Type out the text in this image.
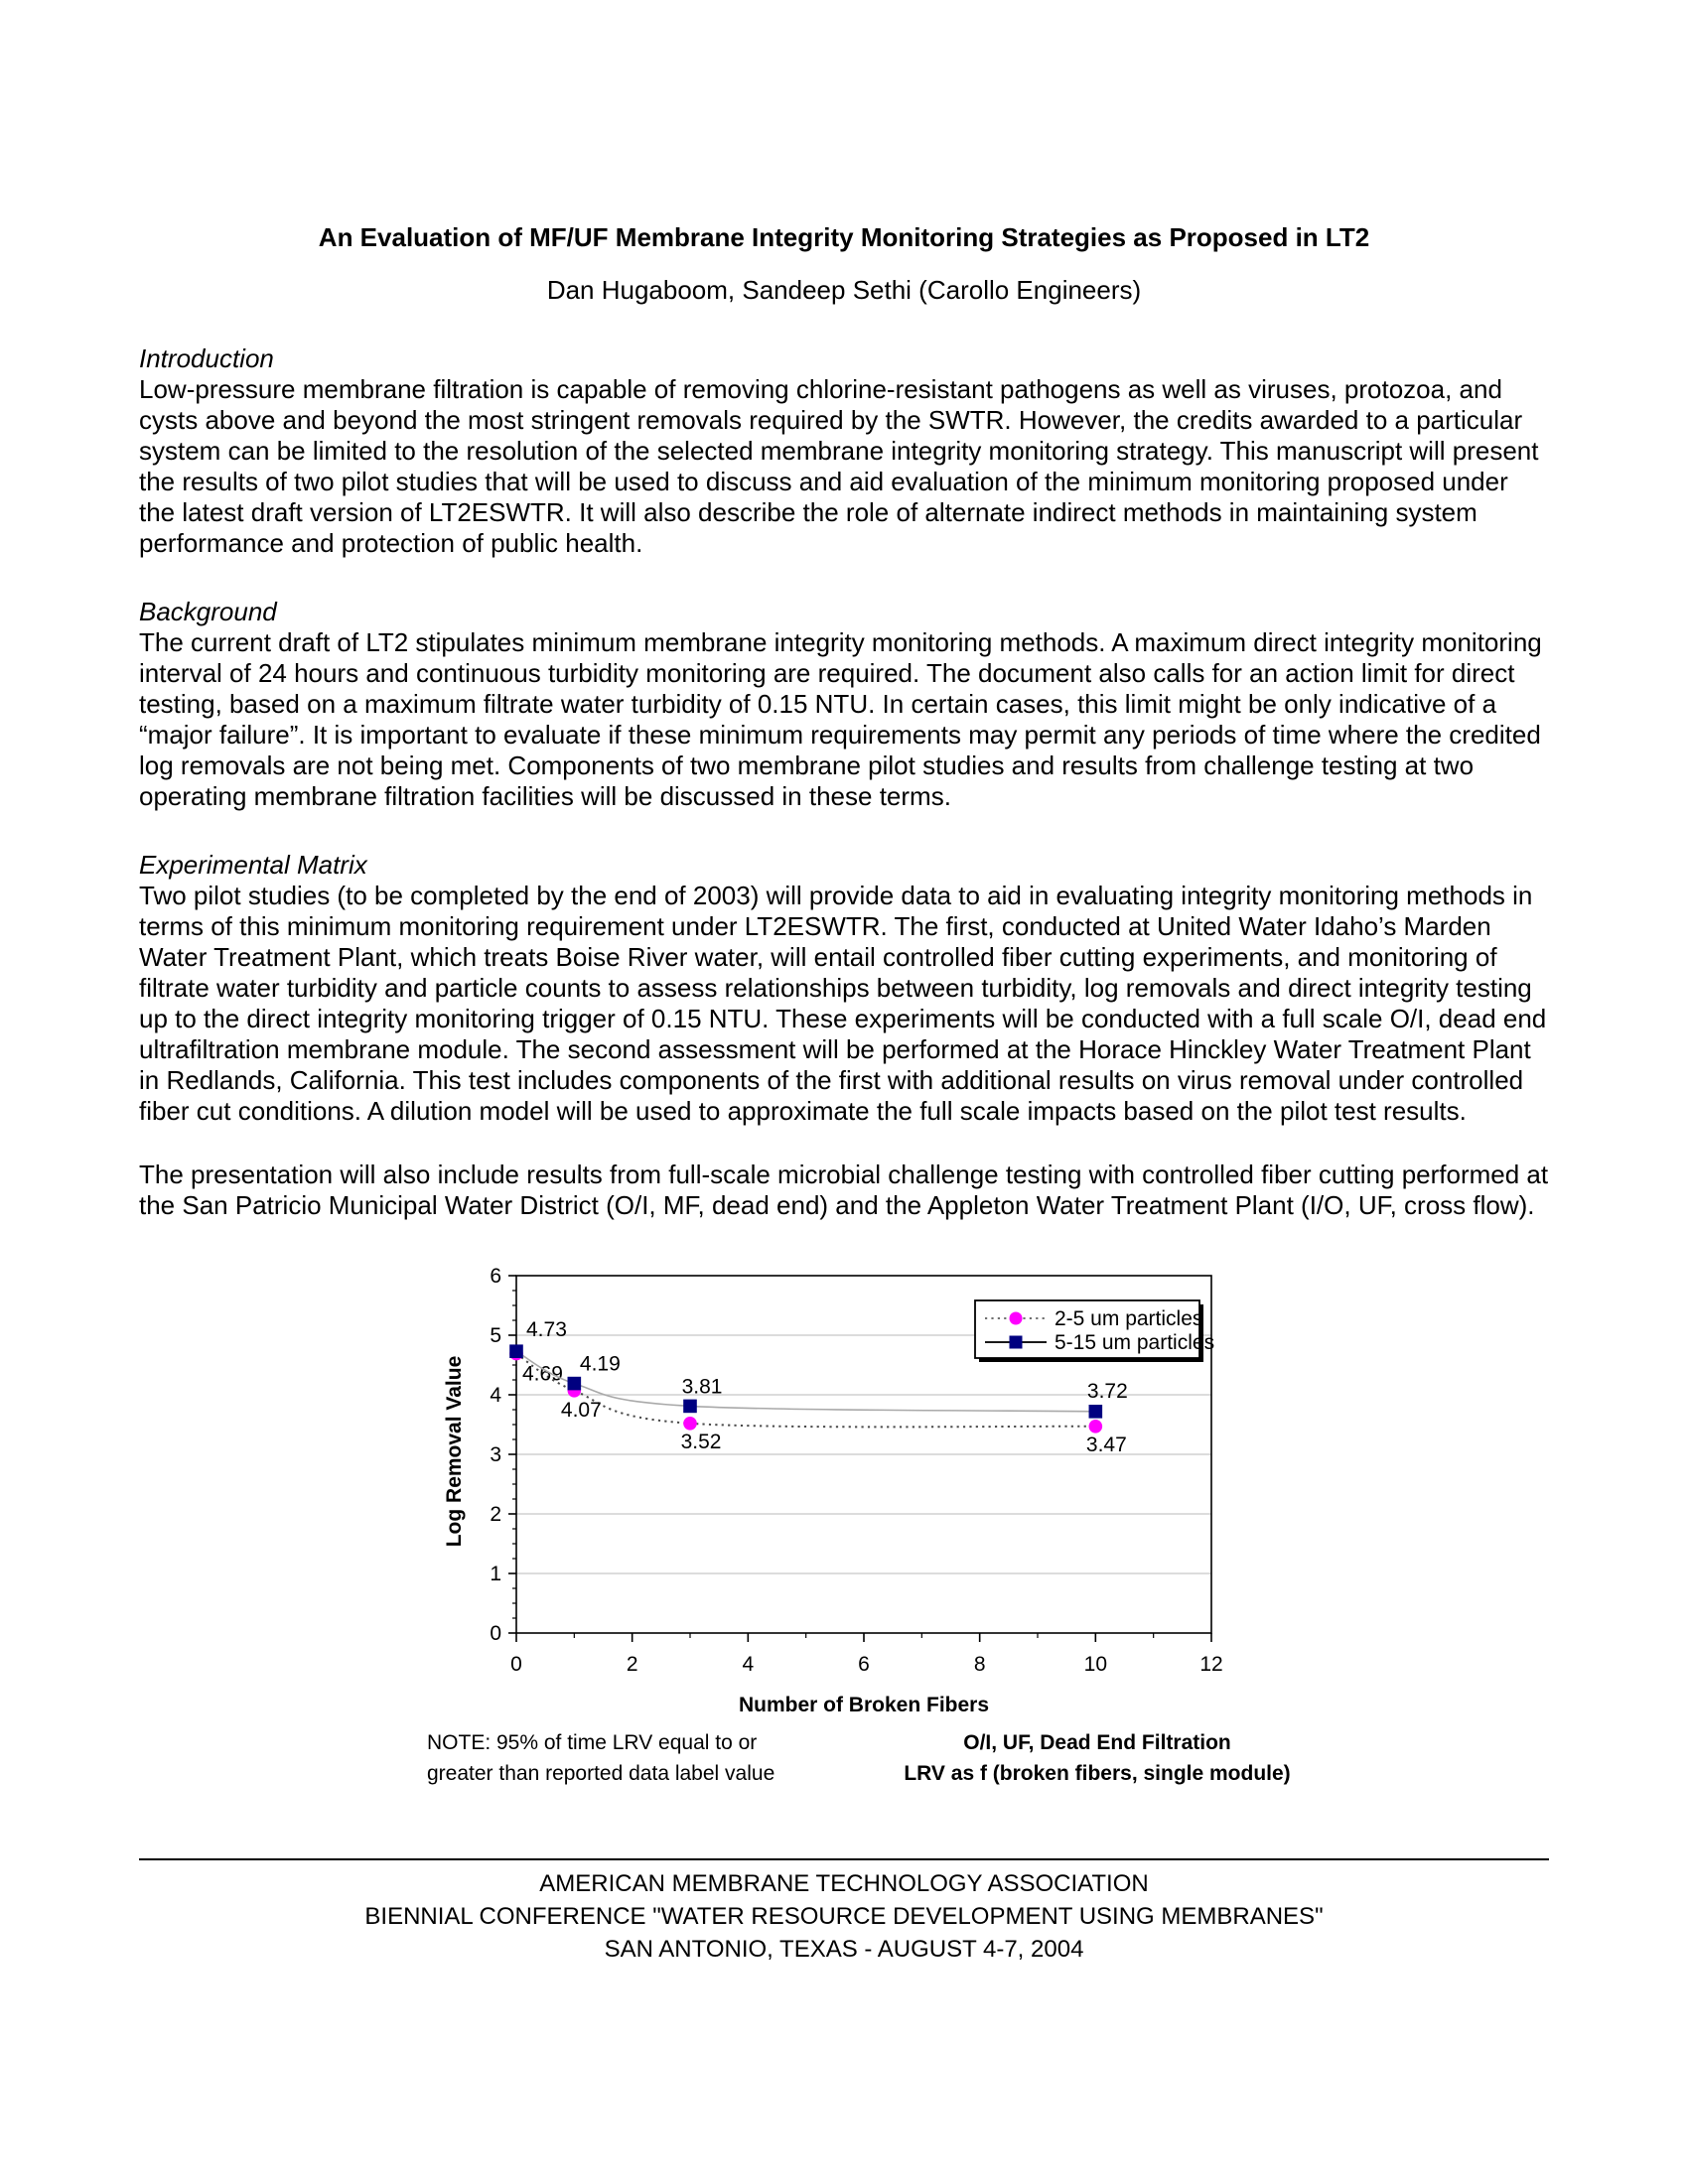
An Evaluation of MF/UF Membrane Integrity Monitoring Strategies as Proposed in LT2
Dan Hugaboom, Sandeep Sethi (Carollo Engineers)
Introduction
Low-pressure membrane filtration is capable of removing chlorine-resistant pathogens as well as viruses, protozoa, and cysts above and beyond the most stringent removals required by the SWTR. However, the credits awarded to a particular system can be limited to the resolution of the selected membrane integrity monitoring strategy. This manuscript will present the results of two pilot studies that will be used to discuss and aid evaluation of the minimum monitoring proposed under the latest draft version of LT2ESWTR. It will also describe the role of alternate indirect methods in maintaining system performance and protection of public health.
Background
The current draft of LT2 stipulates minimum membrane integrity monitoring methods. A maximum direct integrity monitoring interval of 24 hours and continuous turbidity monitoring are required. The document also calls for an action limit for direct testing, based on a maximum filtrate water turbidity of 0.15 NTU. In certain cases, this limit might be only indicative of a “major failure”. It is important to evaluate if these minimum requirements may permit any periods of time where the credited log removals are not being met. Components of two membrane pilot studies and results from challenge testing at two operating membrane filtration facilities will be discussed in these terms.
Experimental Matrix
Two pilot studies (to be completed by the end of 2003) will provide data to aid in evaluating integrity monitoring methods in terms of this minimum monitoring requirement under LT2ESWTR. The first, conducted at United Water Idaho’s Marden Water Treatment Plant, which treats Boise River water, will entail controlled fiber cutting experiments, and monitoring of filtrate water turbidity and particle counts to assess relationships between turbidity, log removals and direct integrity testing up to the direct integrity monitoring trigger of 0.15 NTU. These experiments will be conducted with a full scale O/I, dead end ultrafiltration membrane module. The second assessment will be performed at the Horace Hinckley Water Treatment Plant in Redlands, California. This test includes components of the first with additional results on virus removal under controlled fiber cut conditions. A dilution model will be used to approximate the full scale impacts based on the pilot test results.
The presentation will also include results from full-scale microbial challenge testing with controlled fiber cutting performed at the San Patricio Municipal Water District (O/I, MF, dead end) and the Appleton Water Treatment Plant (I/O, UF, cross flow).
0
1
2
3
4
5
6
0	2	4	6	8	10	12
Log Removal Value
Number of Broken Fibers
4.69
4.07
3.52	3.47
4.73
4.19
3.81	3.72
2-5 um particles
5-15 um particles
NOTE: 95% of time LRV equal to or
greater than reported data label value
O/I, UF, Dead End Filtration
LRV as f (broken fibers, single module)
AMERICAN MEMBRANE TECHNOLOGY ASSOCIATION
BIENNIAL CONFERENCE "WATER RESOURCE DEVELOPMENT USING MEMBRANES"
SAN ANTONIO, TEXAS - AUGUST 4-7, 2004
